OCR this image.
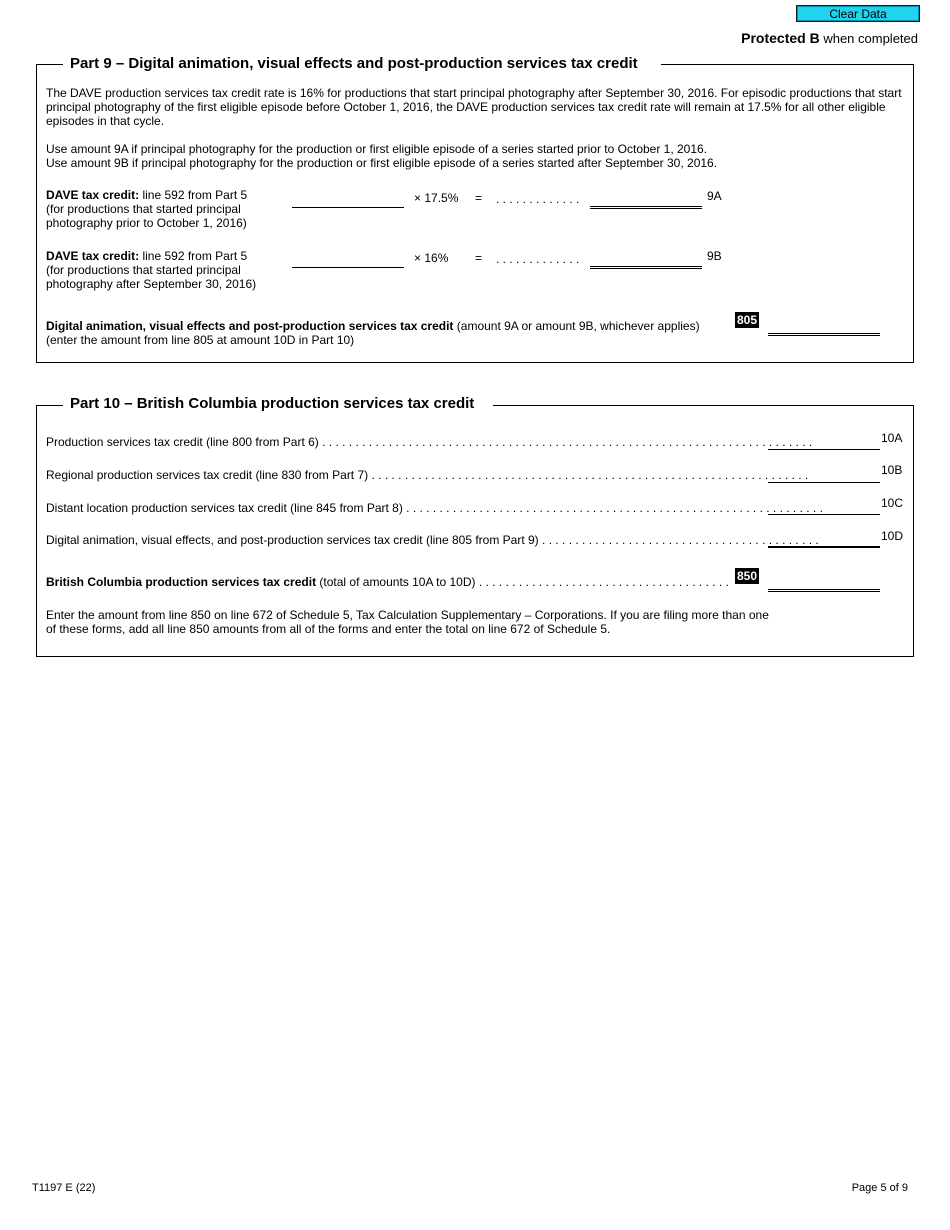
Clear Data
Protected B when completed
Part 9 – Digital animation, visual effects and post-production services tax credit
The DAVE production services tax credit rate is 16% for productions that start principal photography after September 30, 2016. For episodic productions that start principal photography of the first eligible episode before October 1, 2016, the DAVE production services tax credit rate will remain at 17.5% for all other eligible episodes in that cycle.
Use amount 9A if principal photography for the production or first eligible episode of a series started prior to October 1, 2016.
Use amount 9B if principal photography for the production or first eligible episode of a series started after September 30, 2016.
DAVE tax credit: line 592 from Part 5
(for productions that started principal
photography prior to October 1, 2016)
× 17.5% = . . . . . . . . . . . . .	9A
DAVE tax credit: line 592 from Part 5
(for productions that started principal
photography after September 30, 2016)
× 16% = . . . . . . . . . . . . .	9B
Digital animation, visual effects and post-production services tax credit (amount 9A or amount 9B, whichever applies)
(enter the amount from line 805 at amount 10D in Part 10)
805
Part 10 – British Columbia production services tax credit
Production services tax credit (line 800 from Part 6) . . . . . . . . . . . . . . . . . . . . . . . . . . . . . . . . . . . . . . . . . . . . . . . . . . . . . . . . . . . . . . . . . . . . . . . . . .	10A
Regional production services tax credit (line 830 from Part 7) . . . . . . . . . . . . . . . . . . . . . . . . . . . . . . . . . . . . . . . . . . . . . . . . . . . . . . . . . . . . . . . . . .	10B
Distant location production services tax credit (line 845 from Part 8) . . . . . . . . . . . . . . . . . . . . . . . . . . . . . . . . . . . . . . . . . . . . . . . . . . . . . . . . . . . . . . .	10C
Digital animation, visual effects, and post-production services tax credit (line 805 from Part 9) . . . . . . . . . . . . . . . . . . . . . . . . . . . . . . . . . . . . . . . . . .	10D
British Columbia production services tax credit (total of amounts 10A to 10D) . . . . . . . . . . . . . . . . . . . . . . . . . . . . . . . . . . . . . . 850
Enter the amount from line 850 on line 672 of Schedule 5, Tax Calculation Supplementary – Corporations. If you are filing more than one
of these forms, add all line 850 amounts from all of the forms and enter the total on line 672 of Schedule 5.
T1197 E (22)	Page 5 of 9
